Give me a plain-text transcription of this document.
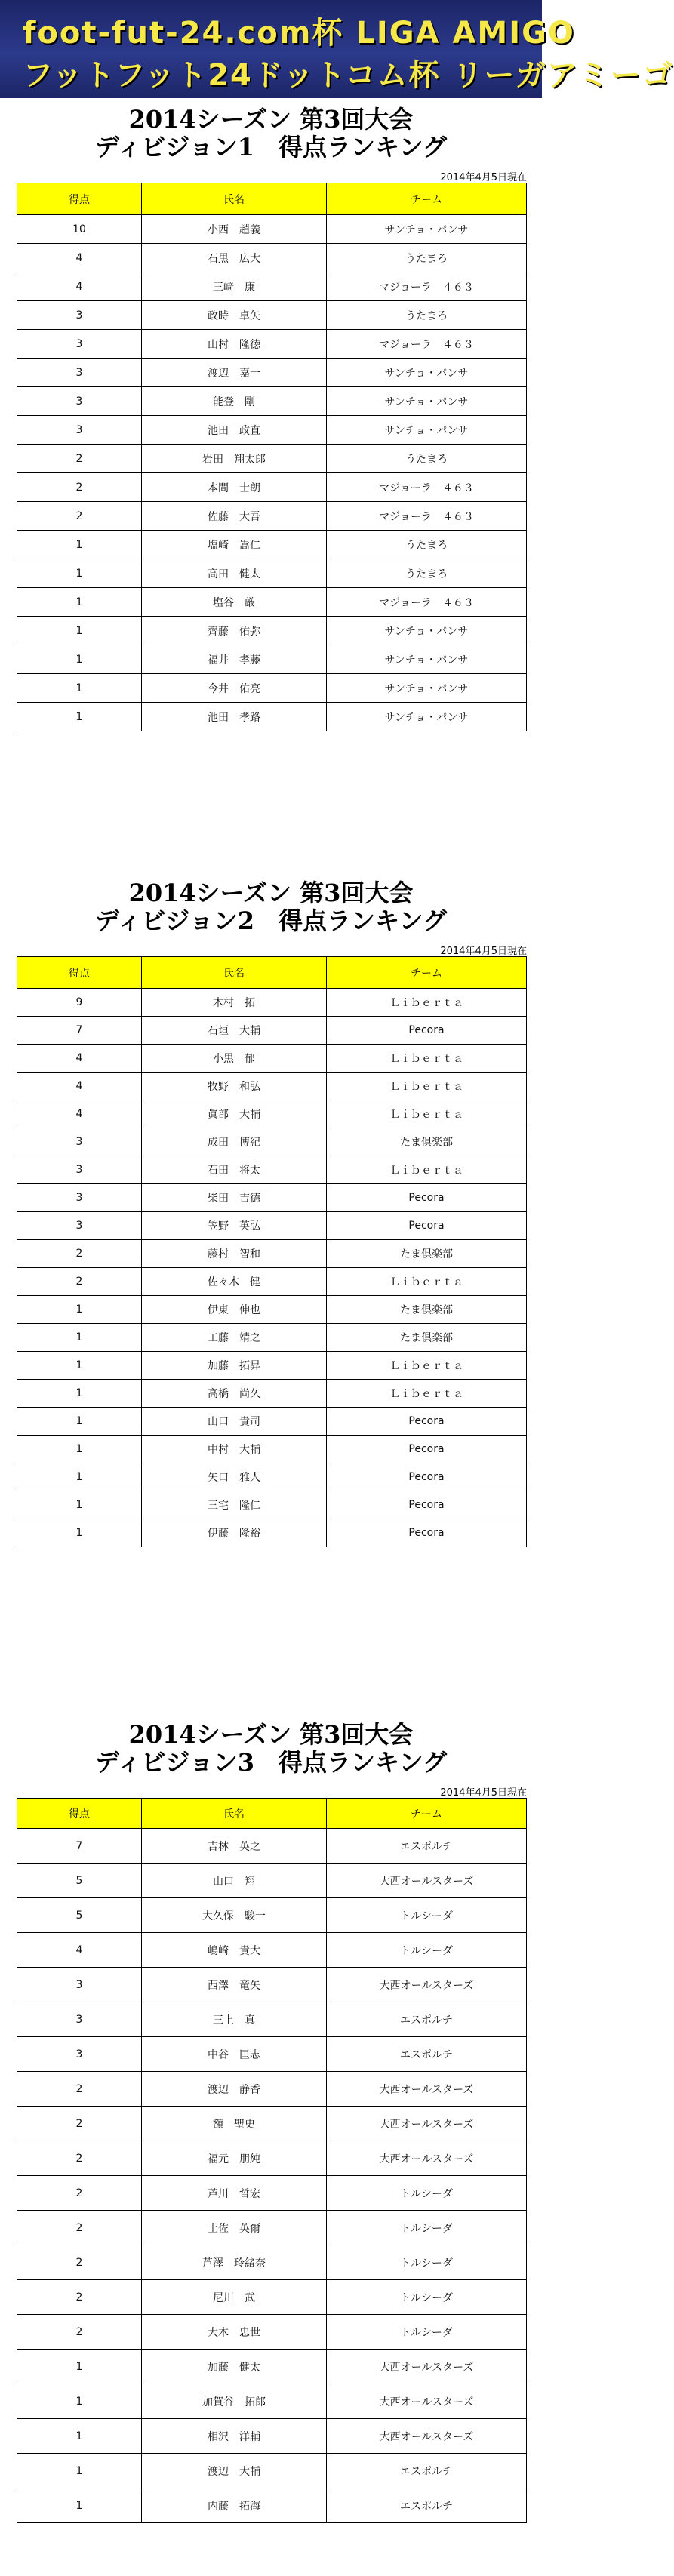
foot-fut-24.com杯 LIGA AMIGO
フットフット24ドットコム杯 リーガアミーゴ
2014シーズン 第3回大会
ディビジョン1　得点ランキング
2014年4月5日現在
得点	氏名	チーム
10	小西　趙義	サンチョ・パンサ
4	石黒　広大	うたまろ
4	三﨑　康	マジョーラ　４６３
3	政時　卓矢	うたまろ
3	山村　隆徳	マジョーラ　４６３
3	渡辺　嘉一	サンチョ・パンサ
3	能登　剛	サンチョ・パンサ
3	池田　政直	サンチョ・パンサ
2	岩田　翔太郎	うたまろ
2	本間　士朗	マジョーラ　４６３
2	佐藤　大吾	マジョーラ　４６３
1	塩崎　嵩仁	うたまろ
1	高田　健太	うたまろ
1	塩谷　厳	マジョーラ　４６３
1	齊藤　佑弥	サンチョ・パンサ
1	福井　孝藤	サンチョ・パンサ
1	今井　佑亮	サンチョ・パンサ
1	池田　孝路	サンチョ・パンサ
2014シーズン 第3回大会
ディビジョン2　得点ランキング
2014年4月5日現在
得点	氏名	チーム
9	木村　拓	Ｌｉｂｅｒｔａ
7	石垣　大輔	Pecora
4	小黒　郁	Ｌｉｂｅｒｔａ
4	牧野　和弘	Ｌｉｂｅｒｔａ
4	眞部　大輔	Ｌｉｂｅｒｔａ
3	成田　博紀	たま倶楽部
3	石田　将太	Ｌｉｂｅｒｔａ
3	柴田　吉德	Pecora
3	笠野　英弘	Pecora
2	藤村　智和	たま倶楽部
2	佐々木　健	Ｌｉｂｅｒｔａ
1	伊東　伸也	たま倶楽部
1	工藤　靖之	たま倶楽部
1	加藤　拓昇	Ｌｉｂｅｒｔａ
1	高橋　尚久	Ｌｉｂｅｒｔａ
1	山口　貴司	Pecora
1	中村　大輔	Pecora
1	矢口　雅人	Pecora
1	三宅　隆仁	Pecora
1	伊藤　隆裕	Pecora
2014シーズン 第3回大会
ディビジョン3　得点ランキング
2014年4月5日現在
得点	氏名	チーム
7	吉林　英之	エスポルチ
5	山口　翔	大西オールスターズ
5	大久保　駿一	トルシーダ
4	嶋崎　貴大	トルシーダ
3	西澤　竜矢	大西オールスターズ
3	三上　真	エスポルチ
3	中谷　匡志	エスポルチ
2	渡辺　静香	大西オールスターズ
2	額　聖史	大西オールスターズ
2	福元　朋純	大西オールスターズ
2	芦川　哲宏	トルシーダ
2	土佐　英爾	トルシーダ
2	芦澤　玲緒奈	トルシーダ
2	尼川　武	トルシーダ
2	大木　忠世	トルシーダ
1	加藤　健太	大西オールスターズ
1	加賀谷　拓郎	大西オールスターズ
1	相沢　洋輔	大西オールスターズ
1	渡辺　大輔	エスポルチ
1	内藤　拓海	エスポルチ
